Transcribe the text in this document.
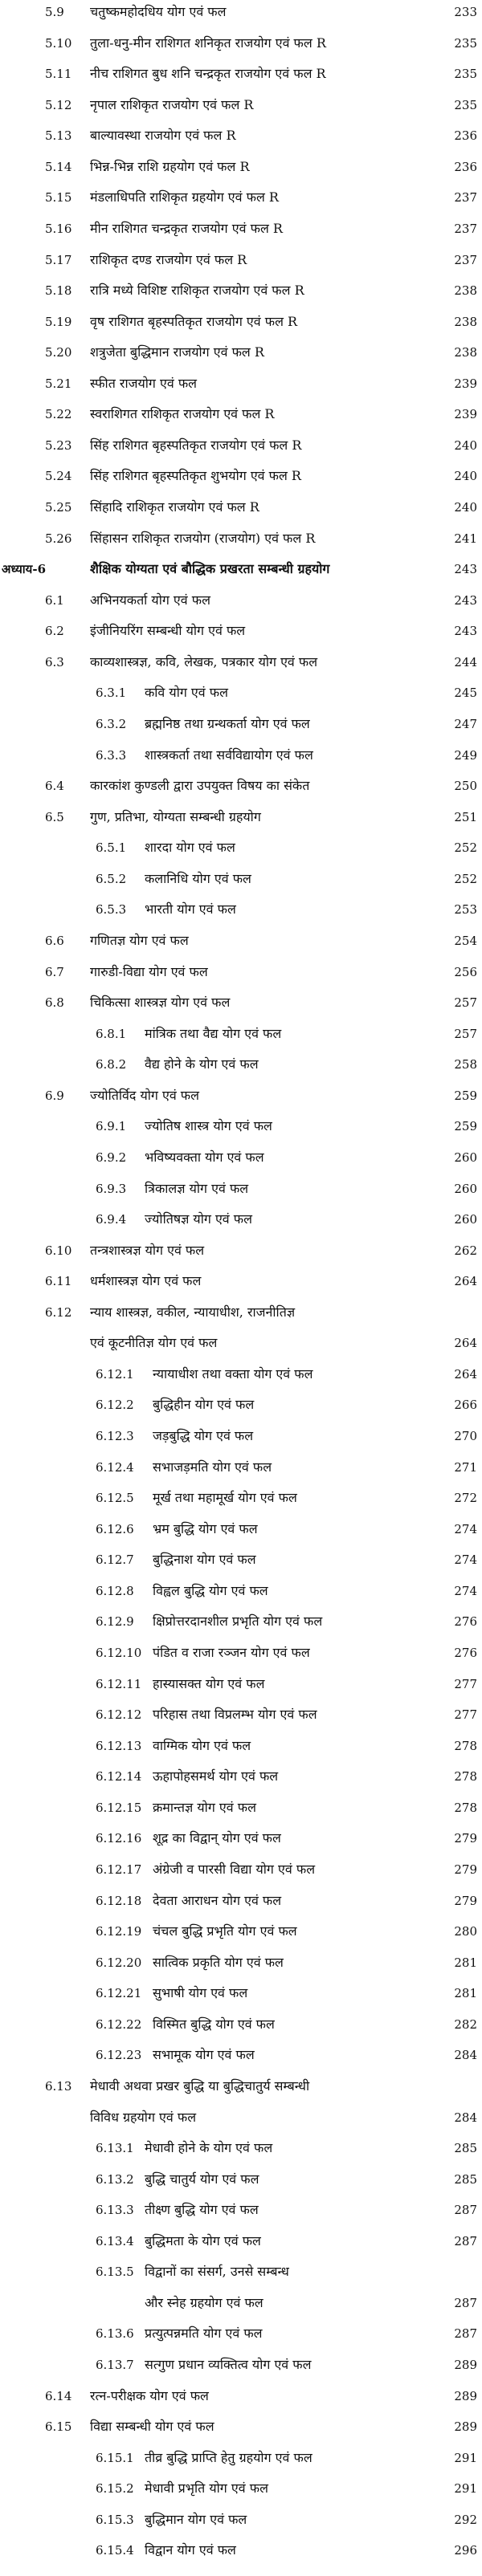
5.9 चतुष्कमहोदधिय योग एवं फल	233
5.10 तुला-धनु-मीन राशिगत शनिकृत राजयोग एवं फल R	235
5.11 नीच राशिगत बुध शनि चन्द्रकृत राजयोग एवं फल R	235
5.12 नृपाल राशिकृत राजयोग एवं फल R	235
5.13 बाल्यावस्था राजयोग एवं फल R	236
5.14 भिन्न-भिन्न राशि ग्रहयोग एवं फल R	236
5.15 मंडलाधिपति राशिकृत ग्रहयोग एवं फल R	237
5.16 मीन राशिगत चन्द्रकृत राजयोग एवं फल R	237
5.17 राशिकृत दण्ड राजयोग एवं फल R	237
5.18 रात्रि मध्ये विशिष्ट राशिकृत राजयोग एवं फल R	238
5.19 वृष राशिगत बृहस्पतिकृत राजयोग एवं फल R	238
5.20 शत्रुजेता बुद्धिमान राजयोग एवं फल R	238
5.21 स्फीत राजयोग एवं फल	239
5.22 स्वराशिगत राशिकृत राजयोग एवं फल R	239
5.23 सिंह राशिगत बृहस्पतिकृत राजयोग एवं फल R	240
5.24 सिंह राशिगत बृहस्पतिकृत शुभयोग एवं फल R	240
5.25 सिंहादि राशिकृत राजयोग एवं फल R	240
5.26 सिंहासन राशिकृत राजयोग (राजयोग) एवं फल R	241
अध्याय-6	शैक्षिक योग्यता एवं बौद्धिक प्रखरता सम्बन्धी ग्रहयोग	243
6.1 अभिनयकर्ता योग एवं फल	243
6.2 इंजीनियरिंग सम्बन्धी योग एवं फल	243
6.3 काव्यशास्त्रज्ञ, कवि, लेखक, पत्रकार योग एवं फल	244
6.3.1 कवि योग एवं फल	245
6.3.2 ब्रह्मनिष्ठ तथा ग्रन्थकर्ता योग एवं फल	247
6.3.3 शास्त्रकर्ता तथा सर्वविद्यायोग एवं फल	249
6.4 कारकांश कुण्डली द्वारा उपयुक्त विषय का संकेत	250
6.5 गुण, प्रतिभा, योग्यता सम्बन्धी ग्रहयोग	251
6.5.1 शारदा योग एवं फल	252
6.5.2 कलानिधि योग एवं फल	252
6.5.3 भारती योग एवं फल	253
6.6 गणितज्ञ योग एवं फल	254
6.7 गारुडी-विद्या योग एवं फल	256
6.8 चिकित्सा शास्त्रज्ञ योग एवं फल	257
6.8.1 मांत्रिक तथा वैद्य योग एवं फल	257
6.8.2 वैद्य होने के योग एवं फल	258
6.9 ज्योतिर्विद योग एवं फल	259
6.9.1 ज्योतिष शास्त्र योग एवं फल	259
6.9.2 भविष्यवक्ता योग एवं फल	260
6.9.3 त्रिकालज्ञ योग एवं फल	260
6.9.4 ज्योतिषज्ञ योग एवं फल	260
6.10 तन्त्रशास्त्रज्ञ योग एवं फल	262
6.11 धर्मशास्त्रज्ञ योग एवं फल	264
6.12 न्याय शास्त्रज्ञ, वकील, न्यायाधीश, राजनीतिज्ञ
एवं कूटनीतिज्ञ योग एवं फल	264
6.12.1 न्यायाधीश तथा वक्ता योग एवं फल	264
6.12.2 बुद्धिहीन योग एवं फल	266
6.12.3 जड़बुद्धि योग एवं फल	270
6.12.4 सभाजड़मति योग एवं फल	271
6.12.5 मूर्ख तथा महामूर्ख योग एवं फल	272
6.12.6 भ्रम बुद्धि योग एवं फल	274
6.12.7 बुद्धिनाश योग एवं फल	274
6.12.8 विह्वल बुद्धि योग एवं फल	274
6.12.9 क्षिप्रोत्तरदानशील प्रभृति योग एवं फल	276
6.12.10 पंडित व राजा रञ्जन योग एवं फल	276
6.12.11 हास्यासक्त योग एवं फल	277
6.12.12 परिहास तथा विप्रलम्भ योग एवं फल	277
6.12.13 वाग्मिक योग एवं फल	278
6.12.14 ऊहापोहसमर्थ योग एवं फल	278
6.12.15 क्रमान्तज्ञ योग एवं फल	278
6.12.16 शूद्र का विद्वान् योग एवं फल	279
6.12.17 अंग्रेजी व पारसी विद्या योग एवं फल	279
6.12.18 देवता आराधन योग एवं फल	279
6.12.19 चंचल बुद्धि प्रभृति योग एवं फल	280
6.12.20 सात्विक प्रकृति योग एवं फल	281
6.12.21 सुभाषी योग एवं फल	281
6.12.22 विस्मित बुद्धि योग एवं फल	282
6.12.23 सभामूक योग एवं फल	284
6.13 मेधावी अथवा प्रखर बुद्धि या बुद्धिचातुर्य सम्बन्धी
विविध ग्रहयोग एवं फल	284
6.13.1 मेधावी होने के योग एवं फल	285
6.13.2 बुद्धि चातुर्य योग एवं फल	285
6.13.3 तीक्ष्ण बुद्धि योग एवं फल	287
6.13.4 बुद्धिमता के योग एवं फल	287
6.13.5 विद्वानों का संसर्ग, उनसे सम्बन्ध
और स्नेह ग्रहयोग एवं फल	287
6.13.6 प्रत्युत्पन्नमति योग एवं फल	287
6.13.7 सत्गुण प्रधान व्यक्तित्व योग एवं फल	289
6.14 रत्न-परीक्षक योग एवं फल	289
6.15 विद्या सम्बन्धी योग एवं फल	289
6.15.1 तीव्र बुद्धि प्राप्ति हेतु ग्रहयोग एवं फल	291
6.15.2 मेधावी प्रभृति योग एवं फल	291
6.15.3 बुद्धिमान योग एवं फल	292
6.15.4 विद्वान योग एवं फल	296
